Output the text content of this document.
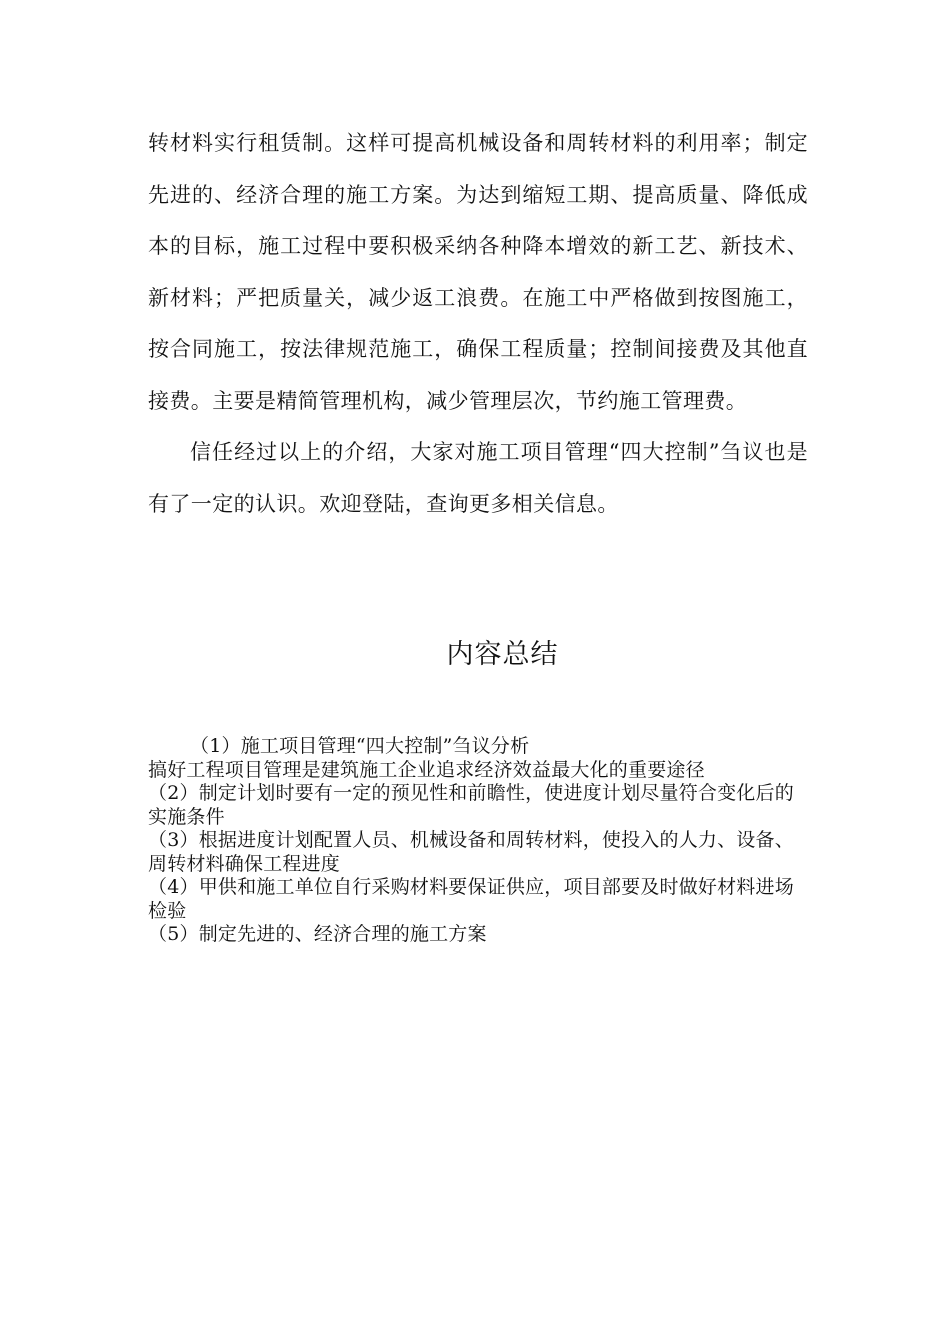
转材料实行租赁制。这样可提高机械设备和周转材料的利用率；制定先进的、经济合理的施工方案。为达到缩短工期、提高质量、降低成本的目标，施工过程中要积极采纳各种降本增效的新工艺、新技术、新材料；严把质量关，减少返工浪费。在施工中严格做到按图施工，按合同施工，按法律规范施工，确保工程质量；控制间接费及其他直接费。主要是精简管理机构，减少管理层次，节约施工管理费。

信任经过以上的介绍，大家对施工项目管理“四大控制”刍议也是有了一定的认识。欢迎登陆，查询更多相关信息。

内容总结

（1）施工项目管理“四大控制”刍议分析

搞好工程项目管理是建筑施工企业追求经济效益最大化的重要途径

（2）制定计划时要有一定的预见性和前瞻性，使进度计划尽量符合变化后的实施条件

（3）根据进度计划配置人员、机械设备和周转材料，使投入的人力、设备、周转材料确保工程进度

（4）甲供和施工单位自行采购材料要保证供应，项目部要及时做好材料进场检验

（5）制定先进的、经济合理的施工方案
